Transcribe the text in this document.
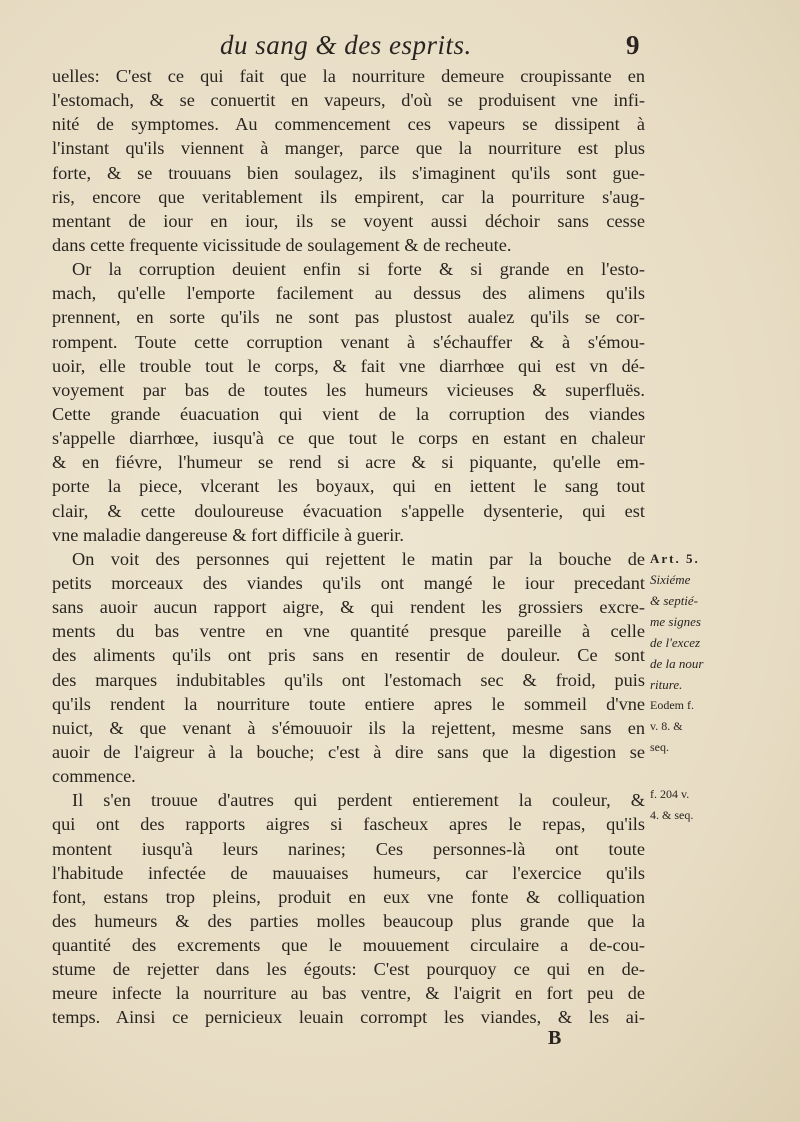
du sang & des esprits.	9
uelles: C'est ce qui fait que la nourriture demeure croupissante en
l'estomach, & se conuertit en vapeurs, d'où se produisent vne infi-
nité de symptomes. Au commencement ces vapeurs se dissipent à
l'instant qu'ils viennent à manger, parce que la nourriture est plus
forte, & se trouuans bien soulagez, ils s'imaginent qu'ils sont gue-
ris, encore que veritablement ils empirent, car la pourriture s'aug-
mentant de iour en iour, ils se voyent aussi déchoir sans cesse
dans cette frequente vicissitude de soulagement & de recheute.
Or la corruption deuient enfin si forte & si grande en l'esto-
mach, qu'elle l'emporte facilement au dessus des alimens qu'ils
prennent, en sorte qu'ils ne sont pas plustost aualez qu'ils se cor-
rompent. Toute cette corruption venant à s'échauffer & à s'émou-
uoir, elle trouble tout le corps, & fait vne diarrhœe qui est vn dé-
voyement par bas de toutes les humeurs vicieuses & superfluës.
Cette grande éuacuation qui vient de la corruption des viandes
s'appelle diarrhœe, iusqu'à ce que tout le corps en estant en chaleur
& en fiévre, l'humeur se rend si acre & si piquante, qu'elle em-
porte la piece, vlcerant les boyaux, qui en iettent le sang tout
clair, & cette douloureuse évacuation s'appelle dysenterie, qui est
vne maladie dangereuse & fort difficile à guerir.
On voit des personnes qui rejettent le matin par la bouche de
petits morceaux des viandes qu'ils ont mangé le iour precedant
sans auoir aucun rapport aigre, & qui rendent les grossiers excre-
ments du bas ventre en vne quantité presque pareille à celle
des aliments qu'ils ont pris sans en resentir de douleur. Ce sont
des marques indubitables qu'ils ont l'estomach sec & froid, puis
qu'ils rendent la nourriture toute entiere apres le sommeil d'vne
nuict, & que venant à s'émouuoir ils la rejettent, mesme sans en
auoir de l'aigreur à la bouche; c'est à dire sans que la digestion se
commence.
Il s'en trouue d'autres qui perdent entierement la couleur, &
qui ont des rapports aigres si fascheux apres le repas, qu'ils
montent iusqu'à leurs narines; Ces personnes-là ont toute
l'habitude infectée de mauuaises humeurs, car l'exercice qu'ils
font, estans trop pleins, produit en eux vne fonte & colliquation
des humeurs & des parties molles beaucoup plus grande que la
quantité des excrements que le mouuement circulaire a de-cou-
stume de rejetter dans les égouts: C'est pourquoy ce qui en de-
meure infecte la nourriture au bas ventre, & l'aigrit en fort peu de
temps. Ainsi ce pernicieux leuain corrompt les viandes, & les ai-
Art. 5.
Sixiéme
& septié-
me signes
de l'excez
de la nour
riture.
Eodem f.
v. 8. &
seq.
f. 204 v.
4. & seq.
B
